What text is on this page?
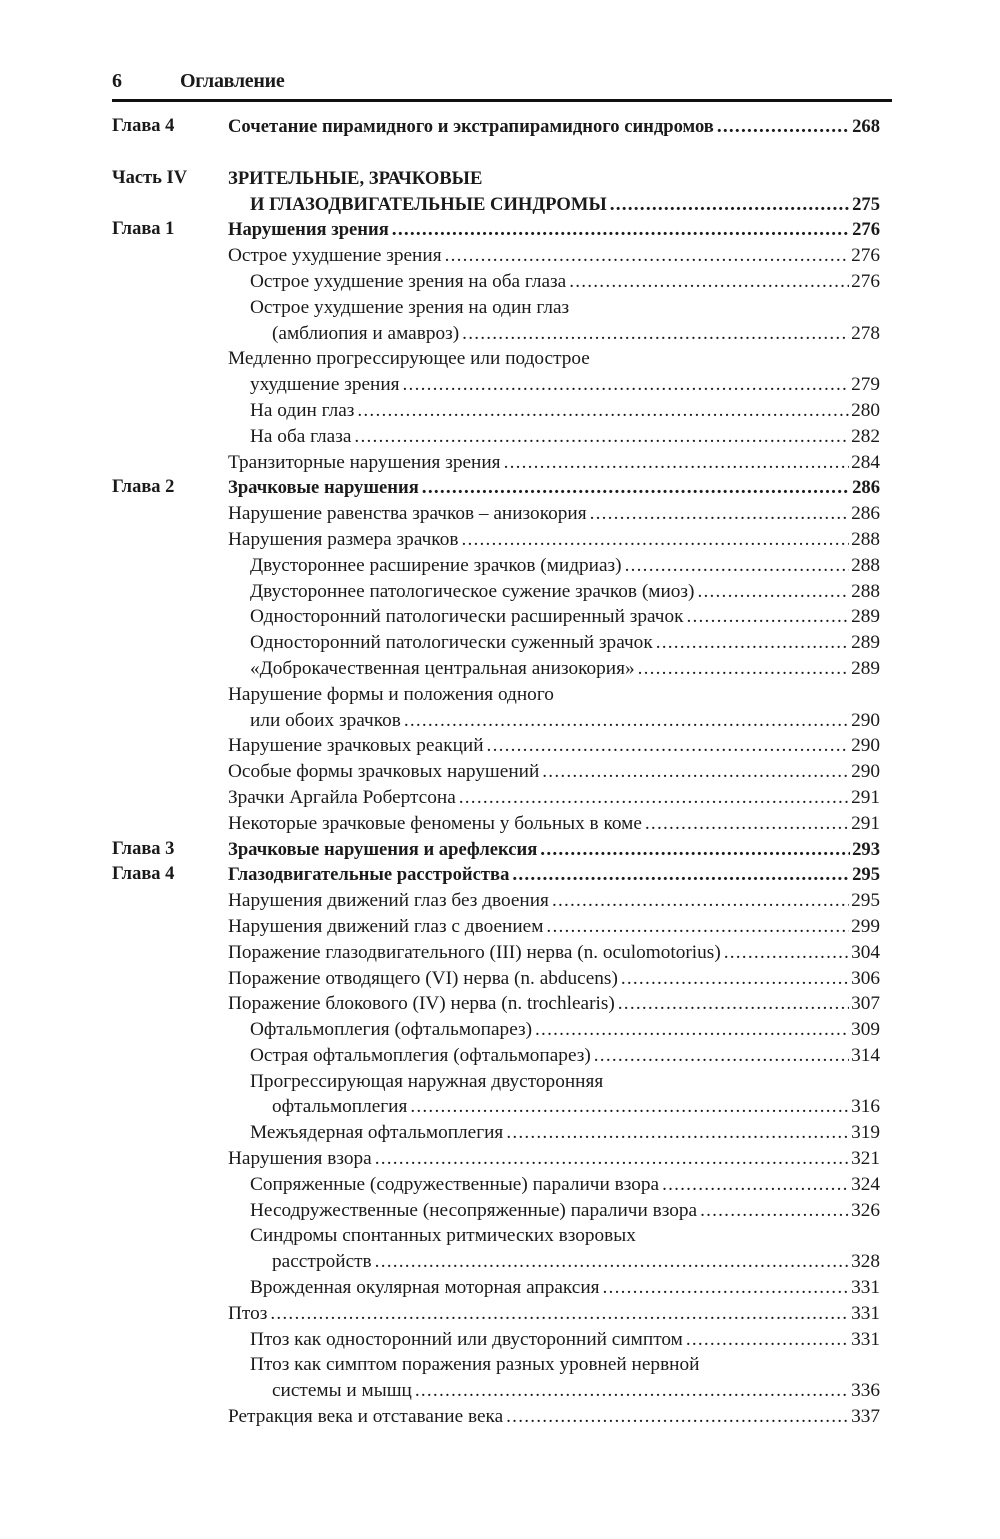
6	Оглавление
Глава 4	Сочетание пирамидного и экстрапирамидного синдромов .....	268
Часть IV	ЗРИТЕЛЬНЫЕ, ЗРАЧКОВЫЕ
И ГЛАЗОДВИГАТЕЛЬНЫЕ СИНДРОМЫ .....	275
Глава 1	Нарушения зрения .....	276
Острое ухудшение зрения .....	276
Острое ухудшение зрения на оба глаза .....	276
Острое ухудшение зрения на один глаз
(амблиопия и амавроз) .....	278
Медленно прогрессирующее или подострое
ухудшение зрения .....	279
На один глаз .....	280
На оба глаза .....	282
Транзиторные нарушения зрения .....	284
Глава 2	Зрачковые нарушения .....	286
Нарушение равенства зрачков – анизокория .....	286
Нарушения размера зрачков .....	288
Двустороннее расширение зрачков (мидриаз) .....	288
Двустороннее патологическое сужение зрачков (миоз) .....	288
Односторонний патологически расширенный зрачок .....	289
Односторонний патологически суженный зрачок .....	289
«Доброкачественная центральная анизокория» .....	289
Нарушение формы и положения одного
или обоих зрачков .....	290
Нарушение зрачковых реакций .....	290
Особые формы зрачковых нарушений .....	290
Зрачки Аргайла Робертсона .....	291
Некоторые зрачковые феномены у больных в коме .....	291
Глава 3	Зрачковые нарушения и арефлексия .....	293
Глава 4	Глазодвигательные расстройства .....	295
Нарушения движений глаз без двоения .....	295
Нарушения движений глаз с двоением .....	299
Поражение глазодвигательного (III) нерва (n. oculomotorius) .....	304
Поражение отводящего (VI) нерва (n. abducens) .....	306
Поражение блокового (IV) нерва (n. trochlearis) .....	307
Офтальмоплегия (офтальмопарез) .....	309
Острая офтальмоплегия (офтальмопарез) .....	314
Прогрессирующая наружная двусторонняя
офтальмоплегия .....	316
Межъядерная офтальмоплегия .....	319
Нарушения взора .....	321
Сопряженные (содружественные) параличи взора .....	324
Несодружественные (несопряженные) параличи взора .....	326
Синдромы спонтанных ритмических взоровых
расстройств .....	328
Врожденная окулярная моторная апраксия .....	331
Птоз .....	331
Птоз как односторонний или двусторонний симптом .....	331
Птоз как симптом поражения разных уровней нервной
системы и мышц .....	336
Ретракция века и отставание века .....	337
